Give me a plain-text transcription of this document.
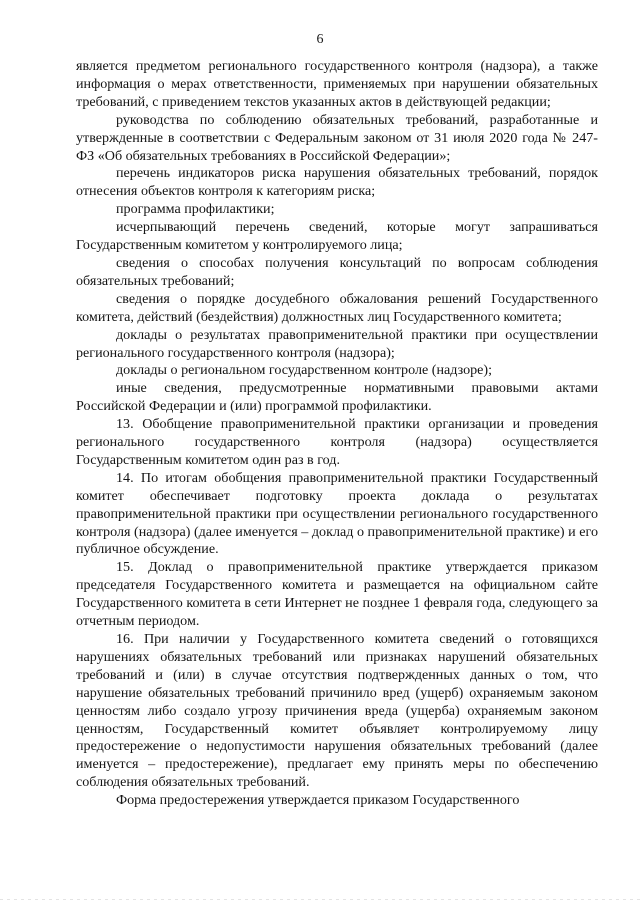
6

является предметом регионального государственного контроля (надзора), а также информация о мерах ответственности, применяемых при нарушении обязательных требований, с приведением текстов указанных актов в действующей редакции;

руководства по соблюдению обязательных требований, разработанные и утвержденные в соответствии с Федеральным законом от 31 июля 2020 года № 247-ФЗ «Об обязательных требованиях в Российской Федерации»;

перечень индикаторов риска нарушения обязательных требований, порядок отнесения объектов контроля к категориям риска;

программа профилактики;

исчерпывающий перечень сведений, которые могут запрашиваться Государственным комитетом у контролируемого лица;

сведения о способах получения консультаций по вопросам соблюдения обязательных требований;

сведения о порядке досудебного обжалования решений Государственного комитета, действий (бездействия) должностных лиц Государственного комитета;

доклады о результатах правоприменительной практики при осуществлении регионального государственного контроля (надзора);

доклады о региональном государственном контроле (надзоре);

иные сведения, предусмотренные нормативными правовыми актами Российской Федерации и (или) программой профилактики.

13. Обобщение правоприменительной практики организации и проведения регионального государственного контроля (надзора) осуществляется Государственным комитетом один раз в год.

14. По итогам обобщения правоприменительной практики Государственный комитет обеспечивает подготовку проекта доклада о результатах правоприменительной практики при осуществлении регионального государственного контроля (надзора) (далее именуется – доклад о правоприменительной практике) и его публичное обсуждение.

15. Доклад о правоприменительной практике утверждается приказом председателя Государственного комитета и размещается на официальном сайте Государственного комитета в сети Интернет не позднее 1 февраля года, следующего за отчетным периодом.

16. При наличии у Государственного комитета сведений о готовящихся нарушениях обязательных требований или признаках нарушений обязательных требований и (или) в случае отсутствия подтвержденных данных о том, что нарушение обязательных требований причинило вред (ущерб) охраняемым законом ценностям либо создало угрозу причинения вреда (ущерба) охраняемым законом ценностям, Государственный комитет объявляет контролируемому лицу предостережение о недопустимости нарушения обязательных требований (далее именуется – предостережение), предлагает ему принять меры по обеспечению соблюдения обязательных требований.

Форма предостережения утверждается приказом Государственного
